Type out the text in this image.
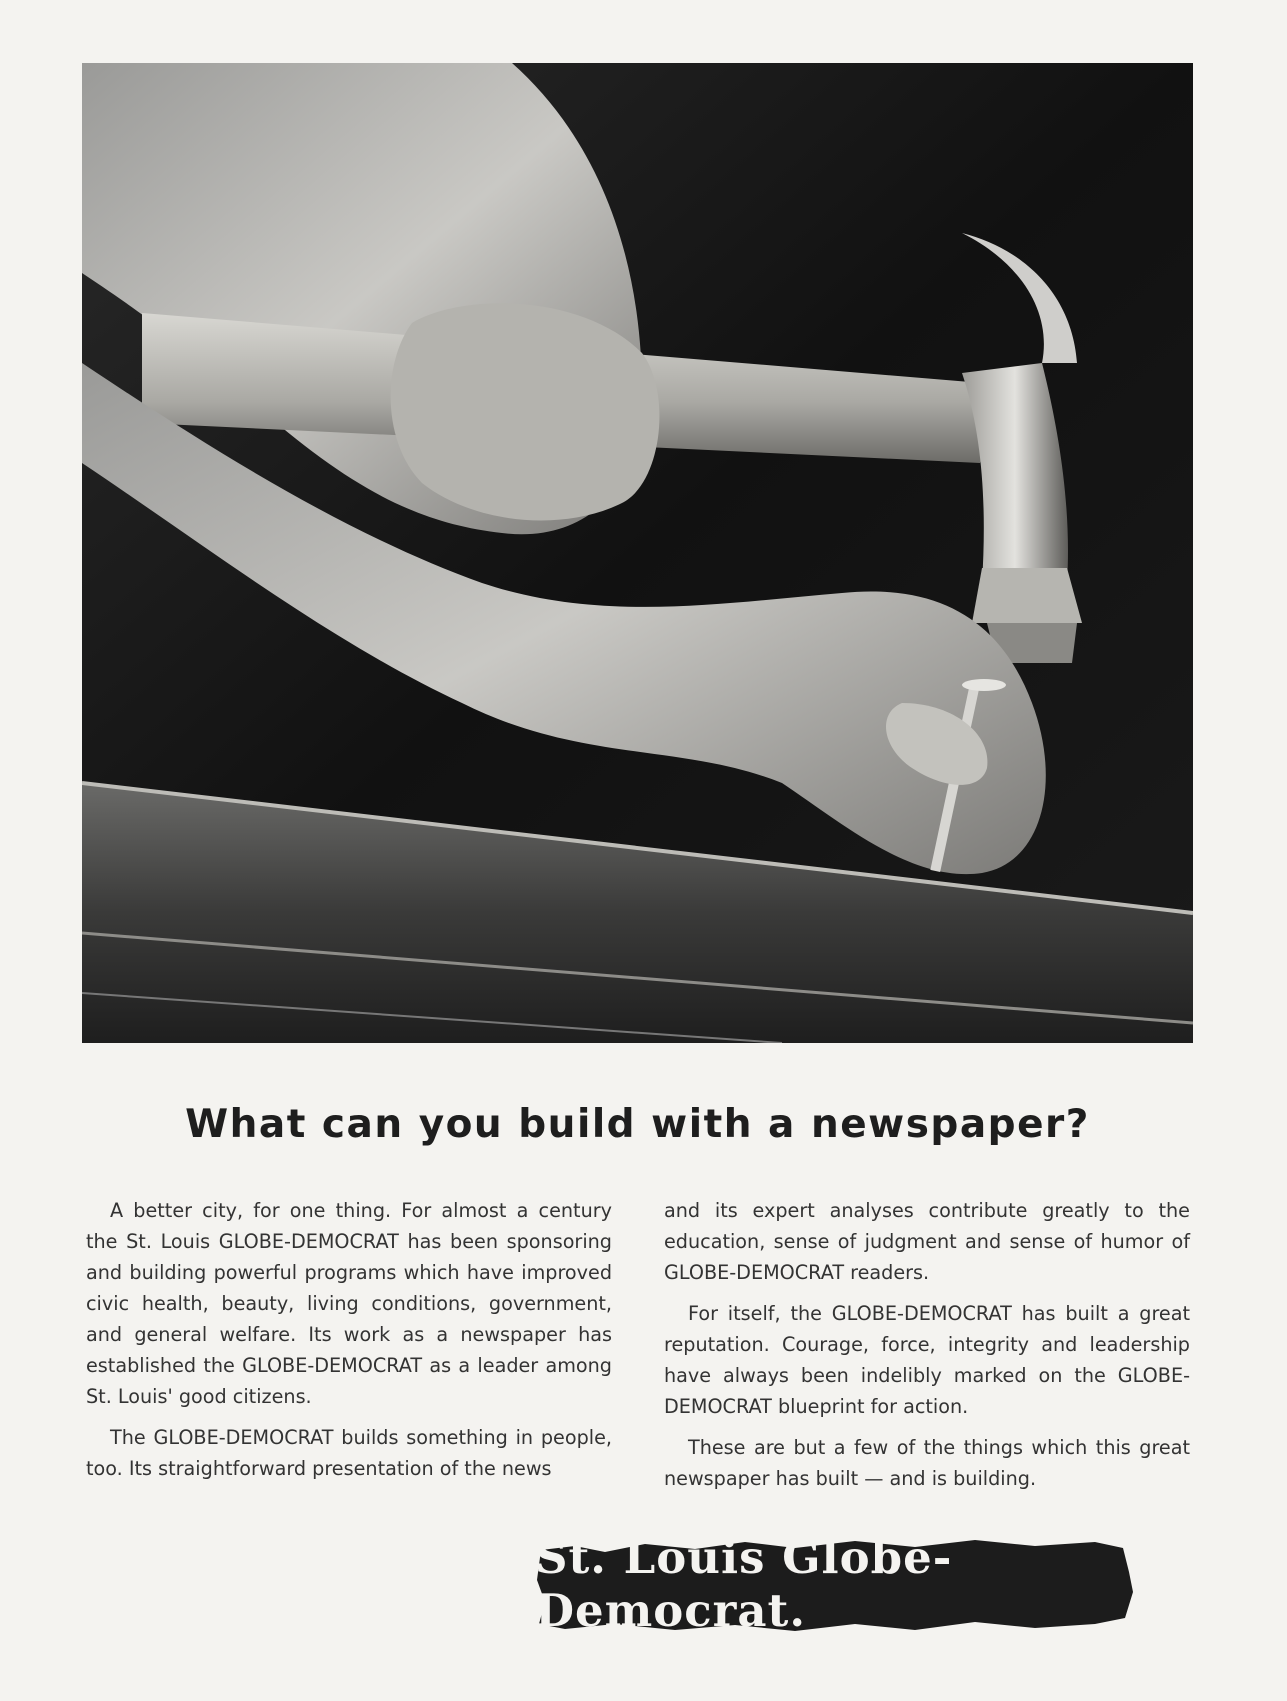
What can you build with a newspaper?

A better city, for one thing. For almost a century the St. Louis GLOBE-DEMOCRAT has been sponsoring and building powerful programs which have improved civic health, beauty, living conditions, government, and general welfare. Its work as a newspaper has established the GLOBE-DEMOCRAT as a leader among St. Louis' good citizens.

The GLOBE-DEMOCRAT builds something in people, too. Its straightforward presentation of the news

and its expert analyses contribute greatly to the education, sense of judgment and sense of humor of GLOBE-DEMOCRAT readers.

For itself, the GLOBE-DEMOCRAT has built a great reputation. Courage, force, integrity and leadership have always been indelibly marked on the GLOBE-DEMOCRAT blueprint for action.

These are but a few of the things which this great newspaper has built — and is building.

St. Louis Globe-Democrat.
